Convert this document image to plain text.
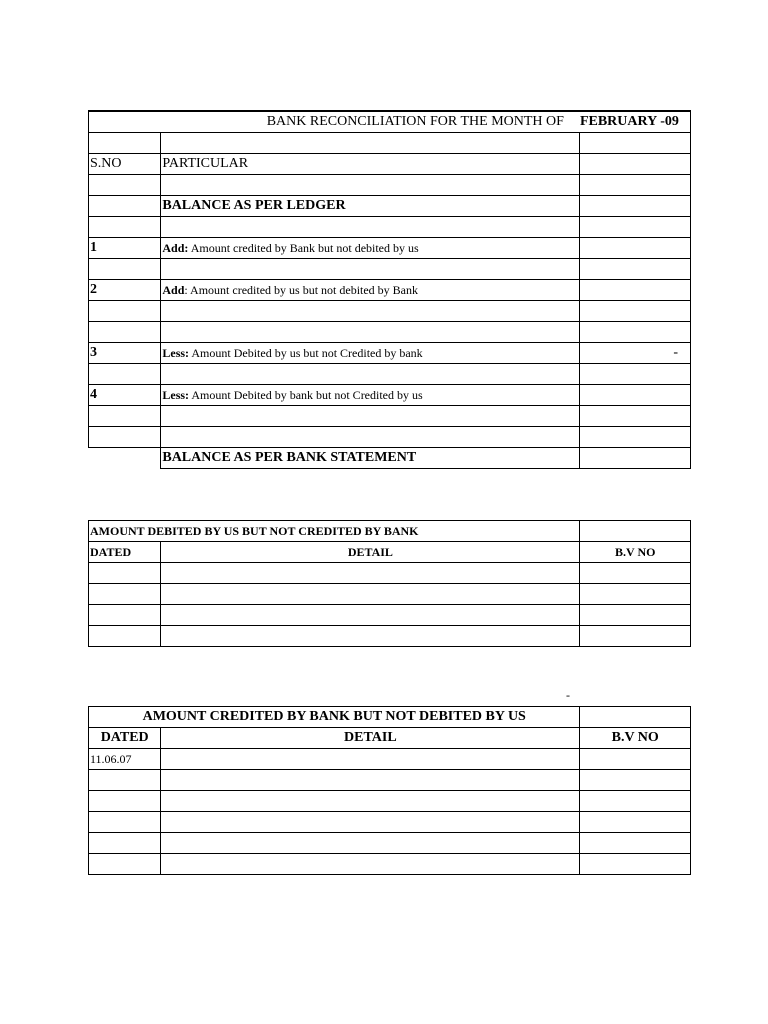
BANK RECONCILIATION FOR THE MONTH OF		FEBRUARY -09

S.NO	PARTICULAR	

	BALANCE AS PER LEDGER	

1	Add: Amount credited by Bank but not debited by us	

2	Add: Amount credited by us but not debited by Bank	

3	Less: Amount Debited by us but not Credited by bank	-

4	Less: Amount Debited by bank but not Credited by us	

	BALANCE AS PER BANK STATEMENT	
AMOUNT DEBITED BY US BUT NOT CREDITED BY BANK		
DATED	DETAIL	B.V NO

-
AMOUNT CREDITED BY BANK BUT NOT DEBITED BY US		
DATED	DETAIL	B.V NO
11.06.07		
